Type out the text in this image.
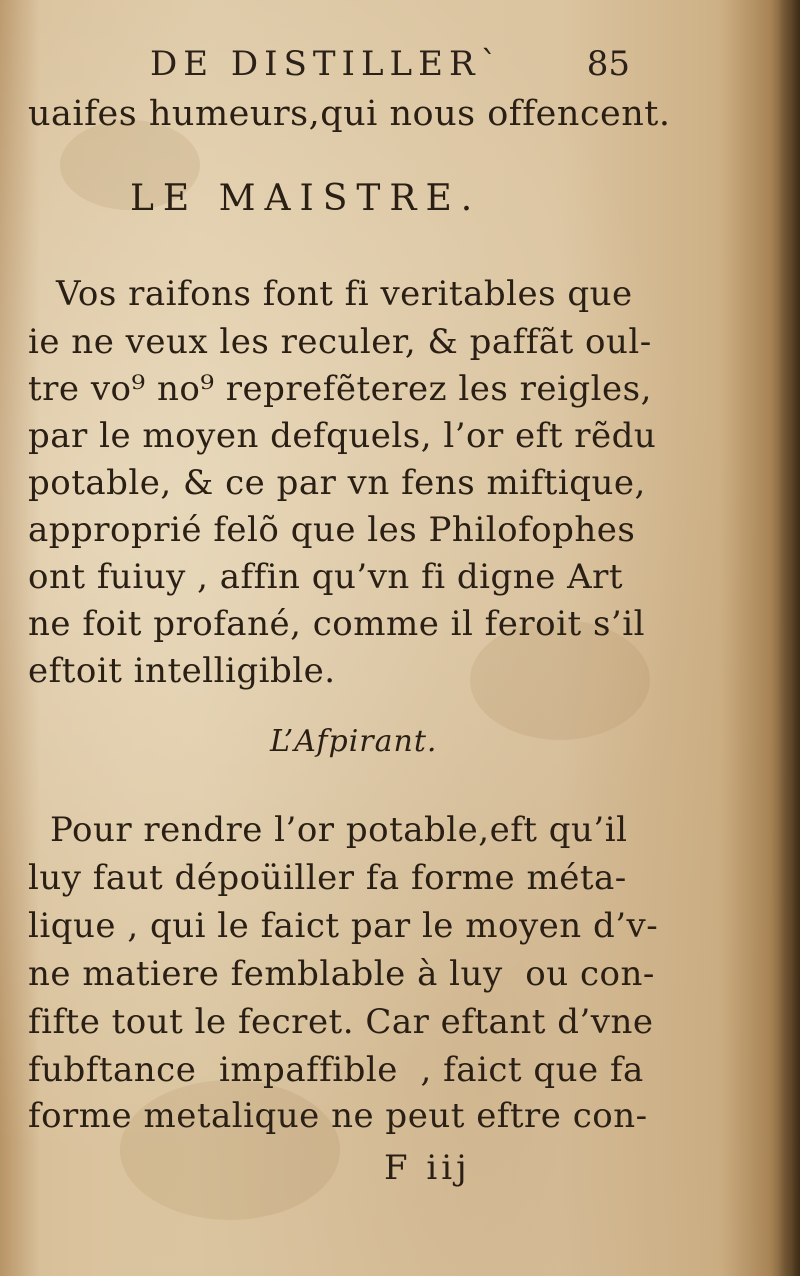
DE DISTILLER` 85
uaifes humeurs,qui nous offencent.
LE MAISTRE.
Vos raifons font fi veritables que
ie ne veux les reculer, & paffãt oul-
tre vo⁹ no⁹ reprefẽterez les reigles,
par le moyen defquels, l’or eft rẽdu
potable, & ce par vn fens miftique,
approprié felõ que les Philofophes
ont fuiuy , affin qu’vn fi digne Art
ne foit profané, comme il feroit s’il
eftoit intelligible.
L’Afpirant.
Pour rendre l’or potable,eft qu’il
luy faut dépoüiller fa forme méta-
lique , qui le faict par le moyen d’v-
ne matiere femblable à luy  ou con-
fifte tout le fecret. Car eftant d’vne
fubftance  impaffible  , faict que fa
forme metalique ne peut eftre con-
F iij
